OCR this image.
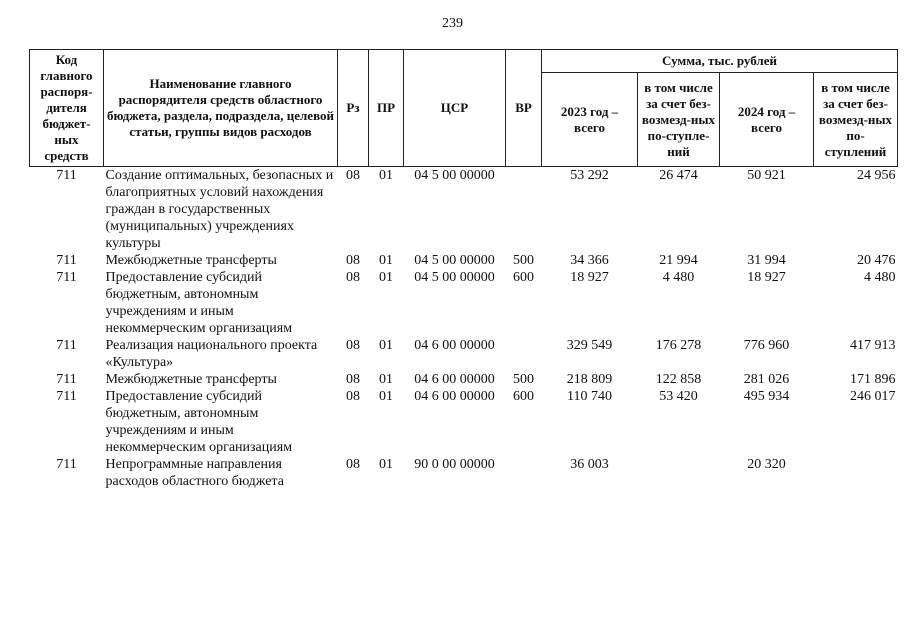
239
Код главного распоря-дителя бюджет-ных средств	Наименование главного распорядителя средств областного бюджета, раздела, подраздела, целевой статьи, группы видов расходов	Рз	ПР	ЦСР	ВР	Сумма, тыс. рублей			
						2023 год – всего	в том числе за счет без-возмезд-ных по-ступле-ний	2024 год – всего	в том числе за счет без-возмезд-ных по-ступлений
711	Создание оптимальных, безопасных и благоприятных условий нахождения граждан в государственных (муниципальных) учреждениях культуры	08	01	04 5 00 00000		53 292	26 474	50 921	24 956
711	Межбюджетные трансферты	08	01	04 5 00 00000	500	34 366	21 994	31 994	20 476
711	Предоставление субсидий бюджетным, автономным учреждениям и иным некоммерческим организациям	08	01	04 5 00 00000	600	18 927	4 480	18 927	4 480
711	Реализация национального проекта «Культура»	08	01	04 6 00 00000		329 549	176 278	776 960	417 913
711	Межбюджетные трансферты	08	01	04 6 00 00000	500	218 809	122 858	281 026	171 896
711	Предоставление субсидий бюджетным, автономным учреждениям и иным некоммерческим организациям	08	01	04 6 00 00000	600	110 740	53 420	495 934	246 017
711	Непрограммные направления расходов областного бюджета	08	01	90 0 00 00000		36 003		20 320	
